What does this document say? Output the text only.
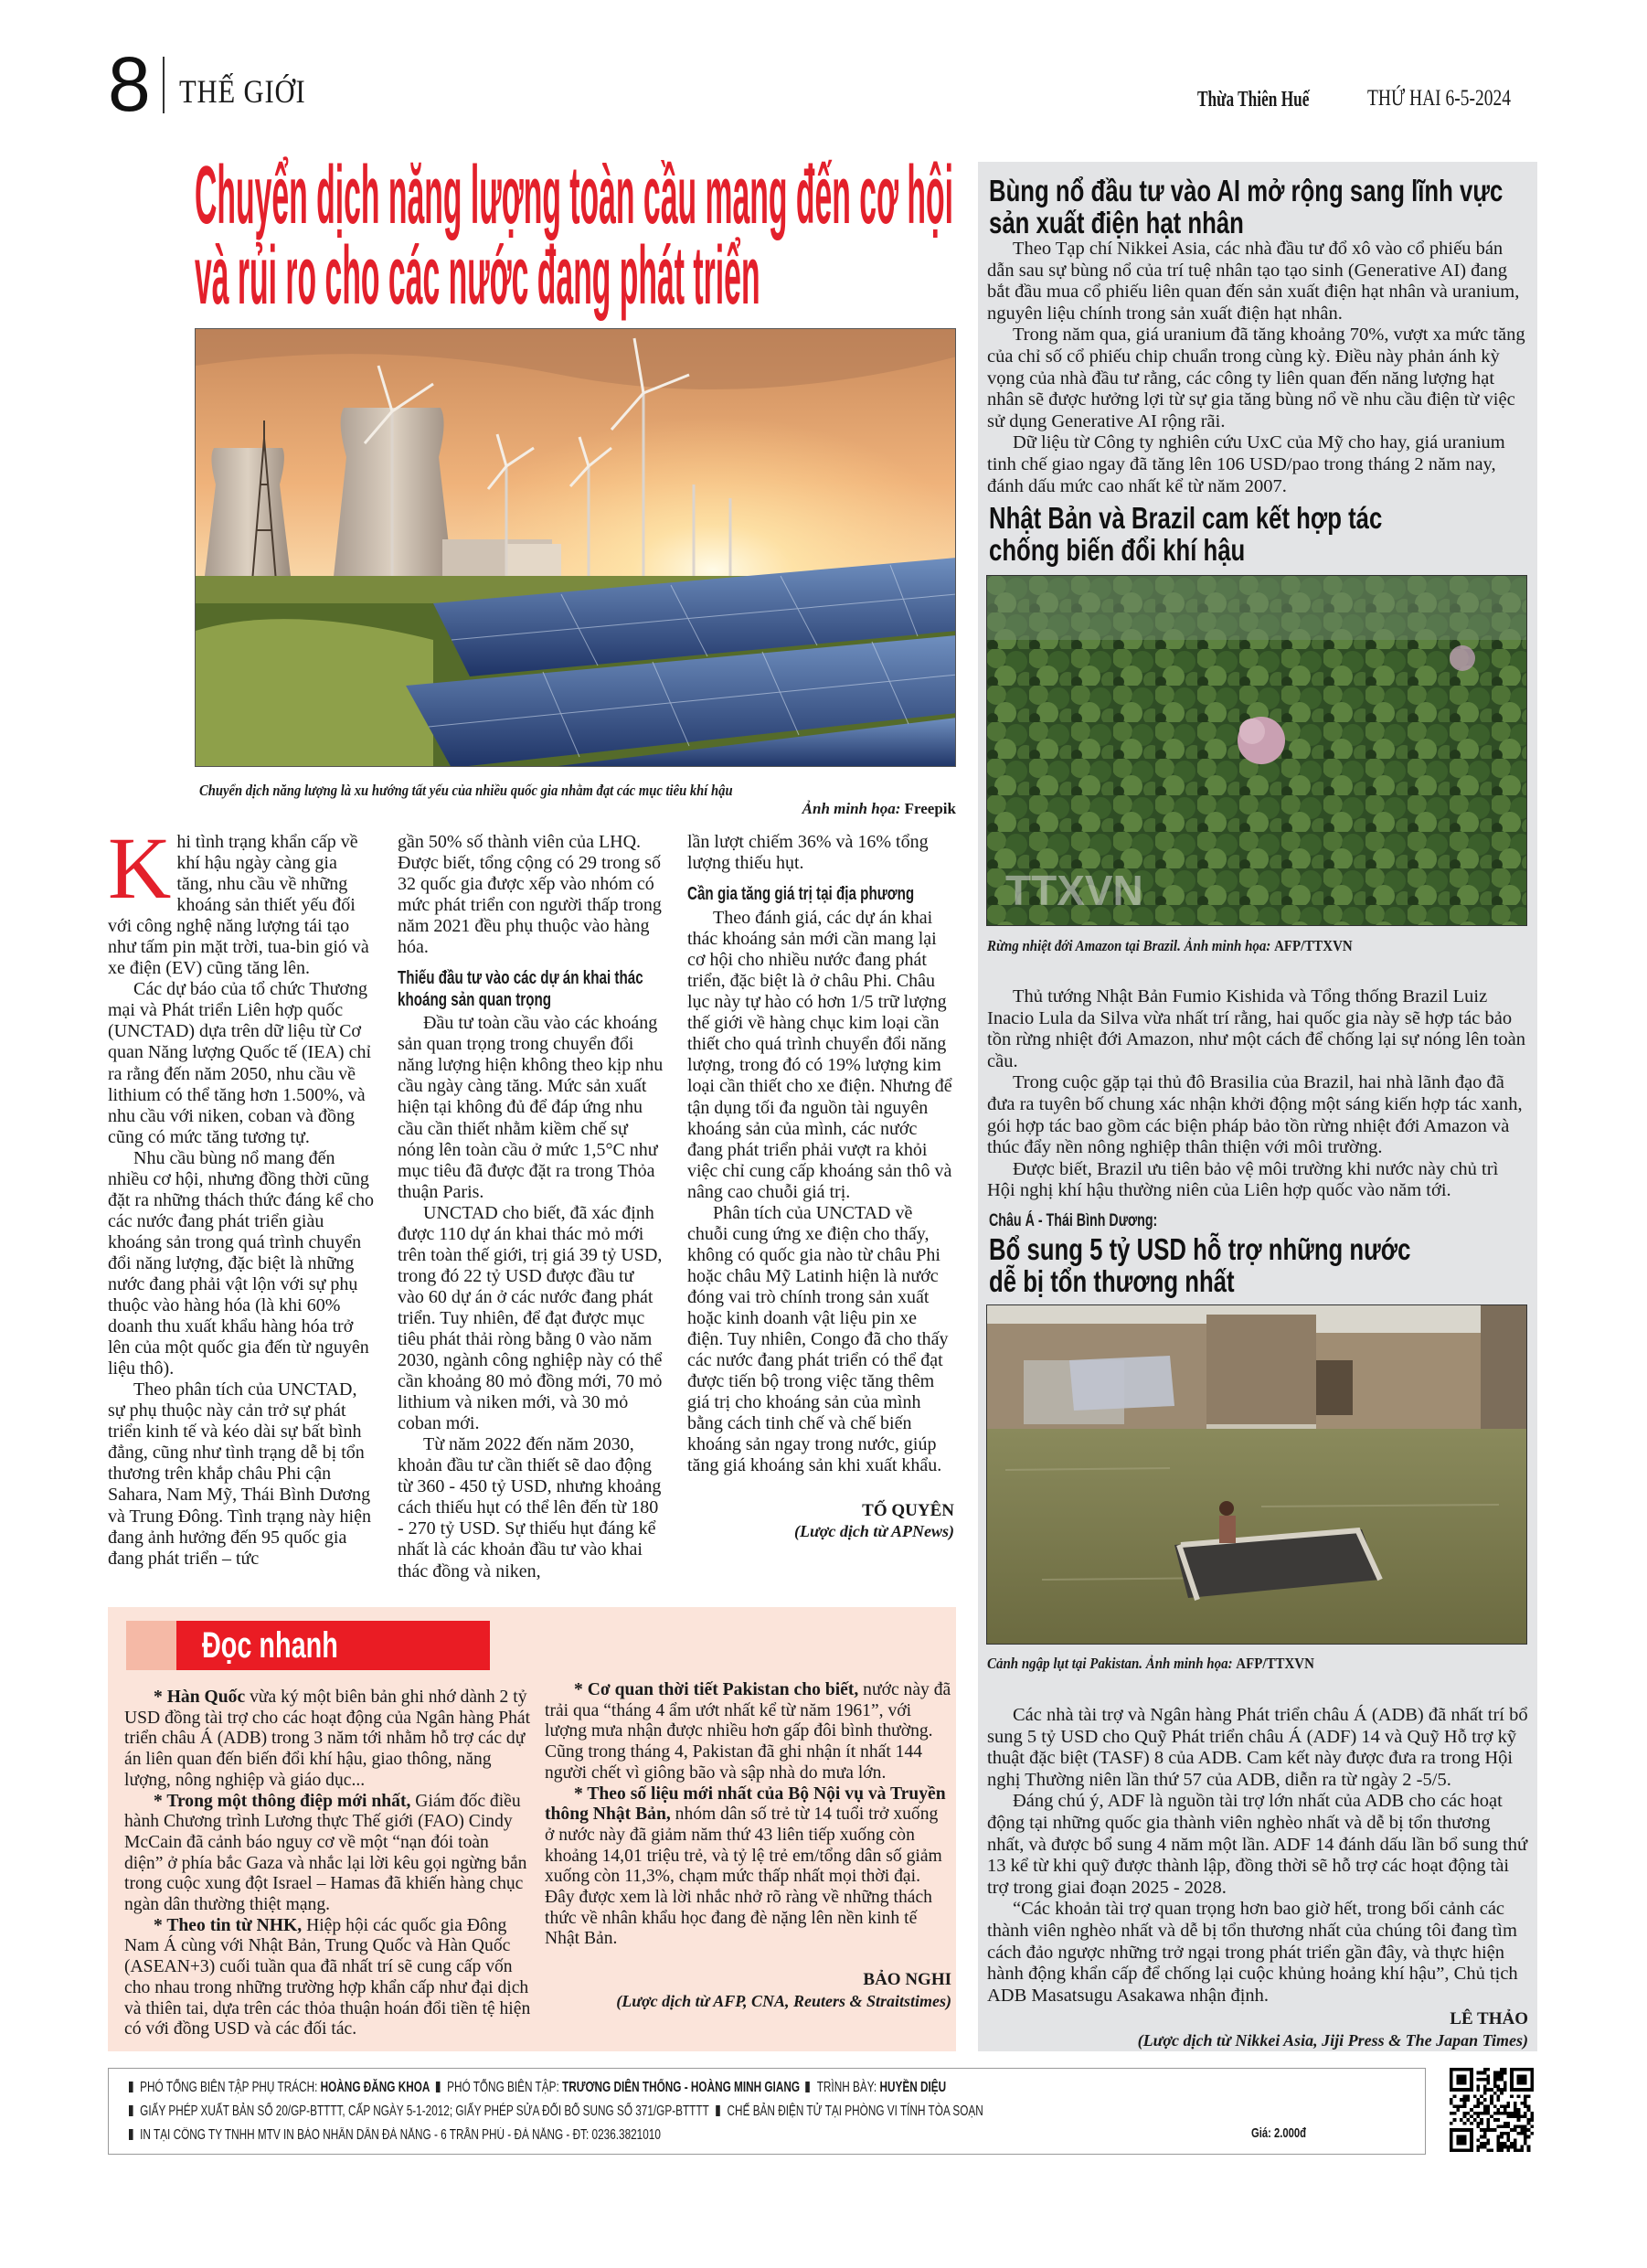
8 THẾ GIỚI	Thừa Thiên Huế	THỨ HAI 6-5-2024
Chuyển dịch năng lượng toàn cầu mang đến cơ hội
và rủi ro cho các nước đang phát triển
Chuyển dịch năng lượng là xu hướng tất yếu của nhiều quốc gia nhằm đạt các mục tiêu khí hậu
Ảnh minh họa: Freepik

Khi tình trạng khẩn cấp về khí hậu ngày càng gia tăng, nhu cầu về những khoáng sản thiết yếu đối với công nghệ năng lượng tái tạo như tấm pin mặt trời, tua-bin gió và xe điện (EV) cũng tăng lên.

Các dự báo của tổ chức Thương mại và Phát triển Liên hợp quốc (UNCTAD) dựa trên dữ liệu từ Cơ quan Năng lượng Quốc tế (IEA) chỉ ra rằng đến năm 2050, nhu cầu về lithium có thể tăng hơn 1.500%, và nhu cầu với niken, coban và đồng cũng có mức tăng tương tự.

Nhu cầu bùng nổ mang đến nhiều cơ hội, nhưng đồng thời cũng đặt ra những thách thức đáng kể cho các nước đang phát triển giàu khoáng sản trong quá trình chuyển đổi năng lượng, đặc biệt là những nước đang phải vật lộn với sự phụ thuộc vào hàng hóa (là khi 60% doanh thu xuất khẩu hàng hóa trở lên của một quốc gia đến từ nguyên liệu thô).

Theo phân tích của UNCTAD, sự phụ thuộc này cản trở sự phát triển kinh tế và kéo dài sự bất bình đẳng, cũng như tình trạng dễ bị tổn thương trên khắp châu Phi cận Sahara, Nam Mỹ, Thái Bình Dương và Trung Đông. Tình trạng này hiện đang ảnh hưởng đến 95 quốc gia đang phát triển – tức

gần 50% số thành viên của LHQ. Được biết, tổng cộng có 29 trong số 32 quốc gia được xếp vào nhóm có mức phát triển con người thấp trong năm 2021 đều phụ thuộc vào hàng hóa.

Thiếu đầu tư vào các dự án khai thác
khoáng sản quan trọng

Đầu tư toàn cầu vào các khoáng sản quan trọng trong chuyển đổi năng lượng hiện không theo kịp nhu cầu ngày càng tăng. Mức sản xuất hiện tại không đủ để đáp ứng nhu cầu cần thiết nhằm kiềm chế sự nóng lên toàn cầu ở mức 1,5°C như mục tiêu đã được đặt ra trong Thỏa thuận Paris.

UNCTAD cho biết, đã xác định được 110 dự án khai thác mỏ mới trên toàn thế giới, trị giá 39 tỷ USD, trong đó 22 tỷ USD được đầu tư vào 60 dự án ở các nước đang phát triển. Tuy nhiên, để đạt được mục tiêu phát thải ròng bằng 0 vào năm 2030, ngành công nghiệp này có thể cần khoảng 80 mỏ đồng mới, 70 mỏ lithium và niken mới, và 30 mỏ coban mới.

Từ năm 2022 đến năm 2030, khoản đầu tư cần thiết sẽ dao động từ 360 - 450 tỷ USD, nhưng khoảng cách thiếu hụt có thể lên đến từ 180 - 270 tỷ USD. Sự thiếu hụt đáng kể nhất là các khoản đầu tư vào khai thác đồng và niken,

lần lượt chiếm 36% và 16% tổng lượng thiếu hụt.

Cần gia tăng giá trị tại địa phương

Theo đánh giá, các dự án khai thác khoáng sản mới cần mang lại cơ hội cho nhiều nước đang phát triển, đặc biệt là ở châu Phi. Châu lục này tự hào có hơn 1/5 trữ lượng thế giới về hàng chục kim loại cần thiết cho quá trình chuyển đổi năng lượng, trong đó có 19% lượng kim loại cần thiết cho xe điện. Nhưng để tận dụng tối đa nguồn tài nguyên khoáng sản của mình, các nước đang phát triển phải vượt ra khỏi việc chỉ cung cấp khoáng sản thô và nâng cao chuỗi giá trị.

Phân tích của UNCTAD về chuỗi cung ứng xe điện cho thấy, không có quốc gia nào từ châu Phi hoặc châu Mỹ Latinh hiện là nước đóng vai trò chính trong sản xuất hoặc kinh doanh vật liệu pin xe điện. Tuy nhiên, Congo đã cho thấy các nước đang phát triển có thể đạt được tiến bộ trong việc tăng thêm giá trị cho khoáng sản của mình bằng cách tinh chế và chế biến khoáng sản ngay trong nước, giúp tăng giá khoáng sản khi xuất khẩu.

TỐ QUYÊN
(Lược dịch từ APNews)
Bùng nổ đầu tư vào AI mở rộng sang lĩnh vực
sản xuất điện hạt nhân

Theo Tạp chí Nikkei Asia, các nhà đầu tư đổ xô vào cổ phiếu bán dẫn sau sự bùng nổ của trí tuệ nhân tạo tạo sinh (Generative AI) đang bắt đầu mua cổ phiếu liên quan đến sản xuất điện hạt nhân và uranium, nguyên liệu chính trong sản xuất điện hạt nhân.

Trong năm qua, giá uranium đã tăng khoảng 70%, vượt xa mức tăng của chỉ số cổ phiếu chip chuẩn trong cùng kỳ. Điều này phản ánh kỳ vọng của nhà đầu tư rằng, các công ty liên quan đến năng lượng hạt nhân sẽ được hưởng lợi từ sự gia tăng bùng nổ về nhu cầu điện từ việc sử dụng Generative AI rộng rãi.

Dữ liệu từ Công ty nghiên cứu UxC của Mỹ cho hay, giá uranium tinh chế giao ngay đã tăng lên 106 USD/pao trong tháng 2 năm nay, đánh dấu mức cao nhất kể từ năm 2007.

Nhật Bản và Brazil cam kết hợp tác
chống biến đổi khí hậu
TTXVN
Rừng nhiệt đới Amazon tại Brazil. Ảnh minh họa: AFP/TTXVN

Thủ tướng Nhật Bản Fumio Kishida và Tổng thống Brazil Luiz Inacio Lula da Silva vừa nhất trí rằng, hai quốc gia này sẽ hợp tác bảo tồn rừng nhiệt đới Amazon, như một cách để chống lại sự nóng lên toàn cầu.

Trong cuộc gặp tại thủ đô Brasilia của Brazil, hai nhà lãnh đạo đã đưa ra tuyên bố chung xác nhận khởi động một sáng kiến hợp tác xanh, gói hợp tác bao gồm các biện pháp bảo tồn rừng nhiệt đới Amazon và thúc đẩy nền nông nghiệp thân thiện với môi trường.

Được biết, Brazil ưu tiên bảo vệ môi trường khi nước này chủ trì Hội nghị khí hậu thường niên của Liên hợp quốc vào năm tới.

Châu Á - Thái Bình Dương:
Bổ sung 5 tỷ USD hỗ trợ những nước
dễ bị tổn thương nhất
Cảnh ngập lụt tại Pakistan. Ảnh minh họa: AFP/TTXVN

Các nhà tài trợ và Ngân hàng Phát triển châu Á (ADB) đã nhất trí bổ sung 5 tỷ USD cho Quỹ Phát triển châu Á (ADF) 14 và Quỹ Hỗ trợ kỹ thuật đặc biệt (TASF) 8 của ADB. Cam kết này được đưa ra trong Hội nghị Thường niên lần thứ 57 của ADB, diễn ra từ ngày 2 -5/5.

Đáng chú ý, ADF là nguồn tài trợ lớn nhất của ADB cho các hoạt động tại những quốc gia thành viên nghèo nhất và dễ bị tổn thương nhất, và được bổ sung 4 năm một lần. ADF 14 đánh dấu lần bổ sung thứ 13 kể từ khi quỹ được thành lập, đồng thời sẽ hỗ trợ các hoạt động tài trợ trong giai đoạn 2025 - 2028.

“Các khoản tài trợ quan trọng hơn bao giờ hết, trong bối cảnh các thành viên nghèo nhất và dễ bị tổn thương nhất của chúng tôi đang tìm cách đảo ngược những trở ngại trong phát triển gần đây, và thực hiện hành động khẩn cấp để chống lại cuộc khủng hoảng khí hậu”, Chủ tịch ADB Masatsugu Asakawa nhận định.

LÊ THẢO
(Lược dịch từ Nikkei Asia, Jiji Press & The Japan Times)
Đọc nhanh

* Hàn Quốc vừa ký một biên bản ghi nhớ dành 2 tỷ USD đồng tài trợ cho các hoạt động của Ngân hàng Phát triển châu Á (ADB) trong 3 năm tới nhằm hỗ trợ các dự án liên quan đến biến đổi khí hậu, giao thông, năng lượng, nông nghiệp và giáo dục...

* Trong một thông điệp mới nhất, Giám đốc điều hành Chương trình Lương thực Thế giới (FAO) Cindy McCain đã cảnh báo nguy cơ về một “nạn đói toàn diện” ở phía bắc Gaza và nhắc lại lời kêu gọi ngừng bắn trong cuộc xung đột Israel – Hamas đã khiến hàng chục ngàn dân thường thiệt mạng.

* Theo tin từ NHK, Hiệp hội các quốc gia Đông Nam Á cùng với Nhật Bản, Trung Quốc và Hàn Quốc (ASEAN+3) cuối tuần qua đã nhất trí sẽ cung cấp vốn cho nhau trong những trường hợp khẩn cấp như đại dịch và thiên tai, dựa trên các thỏa thuận hoán đổi tiền tệ hiện có với đồng USD và các đối tác.

* Cơ quan thời tiết Pakistan cho biết, nước này đã trải qua “tháng 4 ẩm ướt nhất kể từ năm 1961”, với lượng mưa nhận được nhiều hơn gấp đôi bình thường. Cũng trong tháng 4, Pakistan đã ghi nhận ít nhất 144 người chết vì giông bão và sập nhà do mưa lớn.

* Theo số liệu mới nhất của Bộ Nội vụ và Truyền thông Nhật Bản, nhóm dân số trẻ từ 14 tuổi trở xuống ở nước này đã giảm năm thứ 43 liên tiếp xuống còn khoảng 14,01 triệu trẻ, và tỷ lệ trẻ em/tổng dân số giảm xuống còn 11,3%, chạm mức thấp nhất mọi thời đại. Đây được xem là lời nhắc nhở rõ ràng về những thách thức về nhân khẩu học đang đè nặng lên nền kinh tế Nhật Bản.

BẢO NGHI
(Lược dịch từ AFP, CNA, Reuters & Straitstimes)
PHÓ TỔNG BIÊN TẬP PHỤ TRÁCH: HOÀNG ĐĂNG KHOA PHÓ TỔNG BIÊN TẬP: TRƯƠNG DIÊN THỐNG - HOÀNG MINH GIANG TRÌNH BÀY: HUYỀN DIỆU
GIẤY PHÉP XUẤT BẢN SỐ 20/GP-BTTTT, CẤP NGÀY 5-1-2012; GIẤY PHÉP SỬA ĐỔI BỔ SUNG SỐ 371/GP-BTTTT CHẾ BẢN ĐIỆN TỬ TẠI PHÒNG VI TÍNH TÒA SOẠN
IN TẠI CÔNG TY TNHH MTV IN BÁO NHÂN DÂN ĐÀ NẴNG - 6 TRẦN PHÚ - ĐÀ NẴNG - ĐT: 0236.3821010	Giá: 2.000đ
